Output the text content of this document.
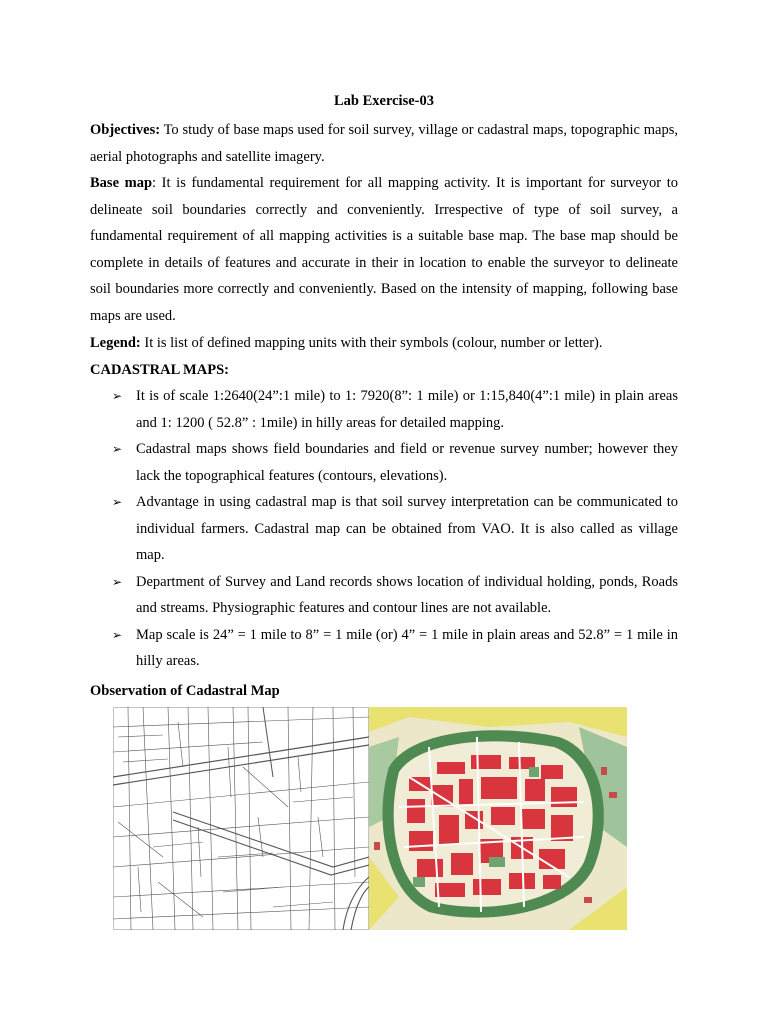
Lab Exercise-03
Objectives: To study of base maps used for soil survey, village or cadastral maps, topographic maps, aerial photographs and satellite imagery.
Base map: It is fundamental requirement for all mapping activity. It is important for surveyor to delineate soil boundaries correctly and conveniently. Irrespective of type of soil survey, a fundamental requirement of all mapping activities is a suitable base map. The base map should be complete in details of features and accurate in their in location to enable the surveyor to delineate soil boundaries more correctly and conveniently. Based on the intensity of mapping, following base maps are used.
Legend: It is list of defined mapping units with their symbols (colour, number or letter).
CADASTRAL MAPS:
➢ It is of scale 1:2640(24”:1 mile) to 1: 7920(8”: 1 mile) or 1:15,840(4”:1 mile) in plain areas and 1: 1200 ( 52.8” : 1mile) in hilly areas for detailed mapping.
➢ Cadastral maps shows field boundaries and field or revenue survey number; however they lack the topographical features (contours, elevations).
➢ Advantage in using cadastral map is that soil survey interpretation can be communicated to individual farmers. Cadastral map can be obtained from VAO. It is also called as village map.
➢ Department of Survey and Land records shows location of individual holding, ponds, Roads and streams. Physiographic features and contour lines are not available.
➢ Map scale is 24” = 1 mile to 8” = 1 mile (or) 4” = 1 mile in plain areas and 52.8” = 1 mile in hilly areas.
Observation of Cadastral Map
